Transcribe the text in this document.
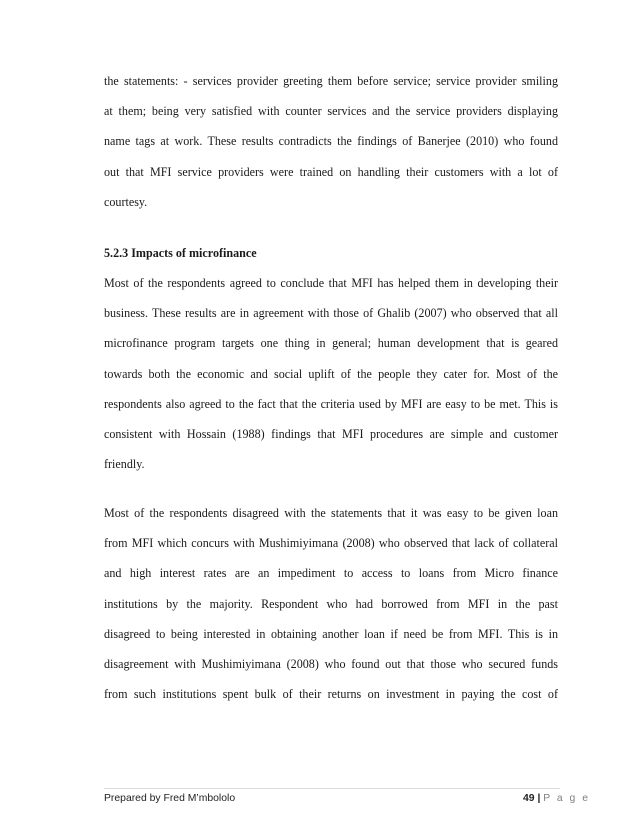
the statements: - services provider greeting them before service; service provider smiling
at them; being very satisfied with counter services and the service providers displaying
name tags at work. These results contradicts the findings of Banerjee (2010) who found
out that MFI service providers were trained on handling their customers with a lot of
courtesy.
5.2.3 Impacts of microfinance
Most of the respondents agreed to conclude that MFI has helped them in developing their
business. These results are in agreement with those of Ghalib (2007) who observed that all
microfinance program targets one thing in general; human development that is geared
towards both the economic and social uplift of the people they cater for. Most of the
respondents also agreed to the fact that the criteria used by MFI are easy to be met. This is
consistent with Hossain (1988) findings that MFI procedures are simple and customer
friendly.
Most of the respondents disagreed with the statements that it was easy to be given loan
from MFI which concurs with Mushimiyimana (2008) who observed that lack of collateral
and high interest rates are an impediment to access to loans from Micro finance
institutions by the majority. Respondent who had borrowed from MFI in the past
disagreed to being interested in obtaining another loan if need be from MFI. This is in
disagreement with Mushimiyimana (2008) who found out that those who secured funds
from such institutions spent bulk of their returns on investment in paying the cost of
Prepared by Fred M’mbololo	49 | P a g e
